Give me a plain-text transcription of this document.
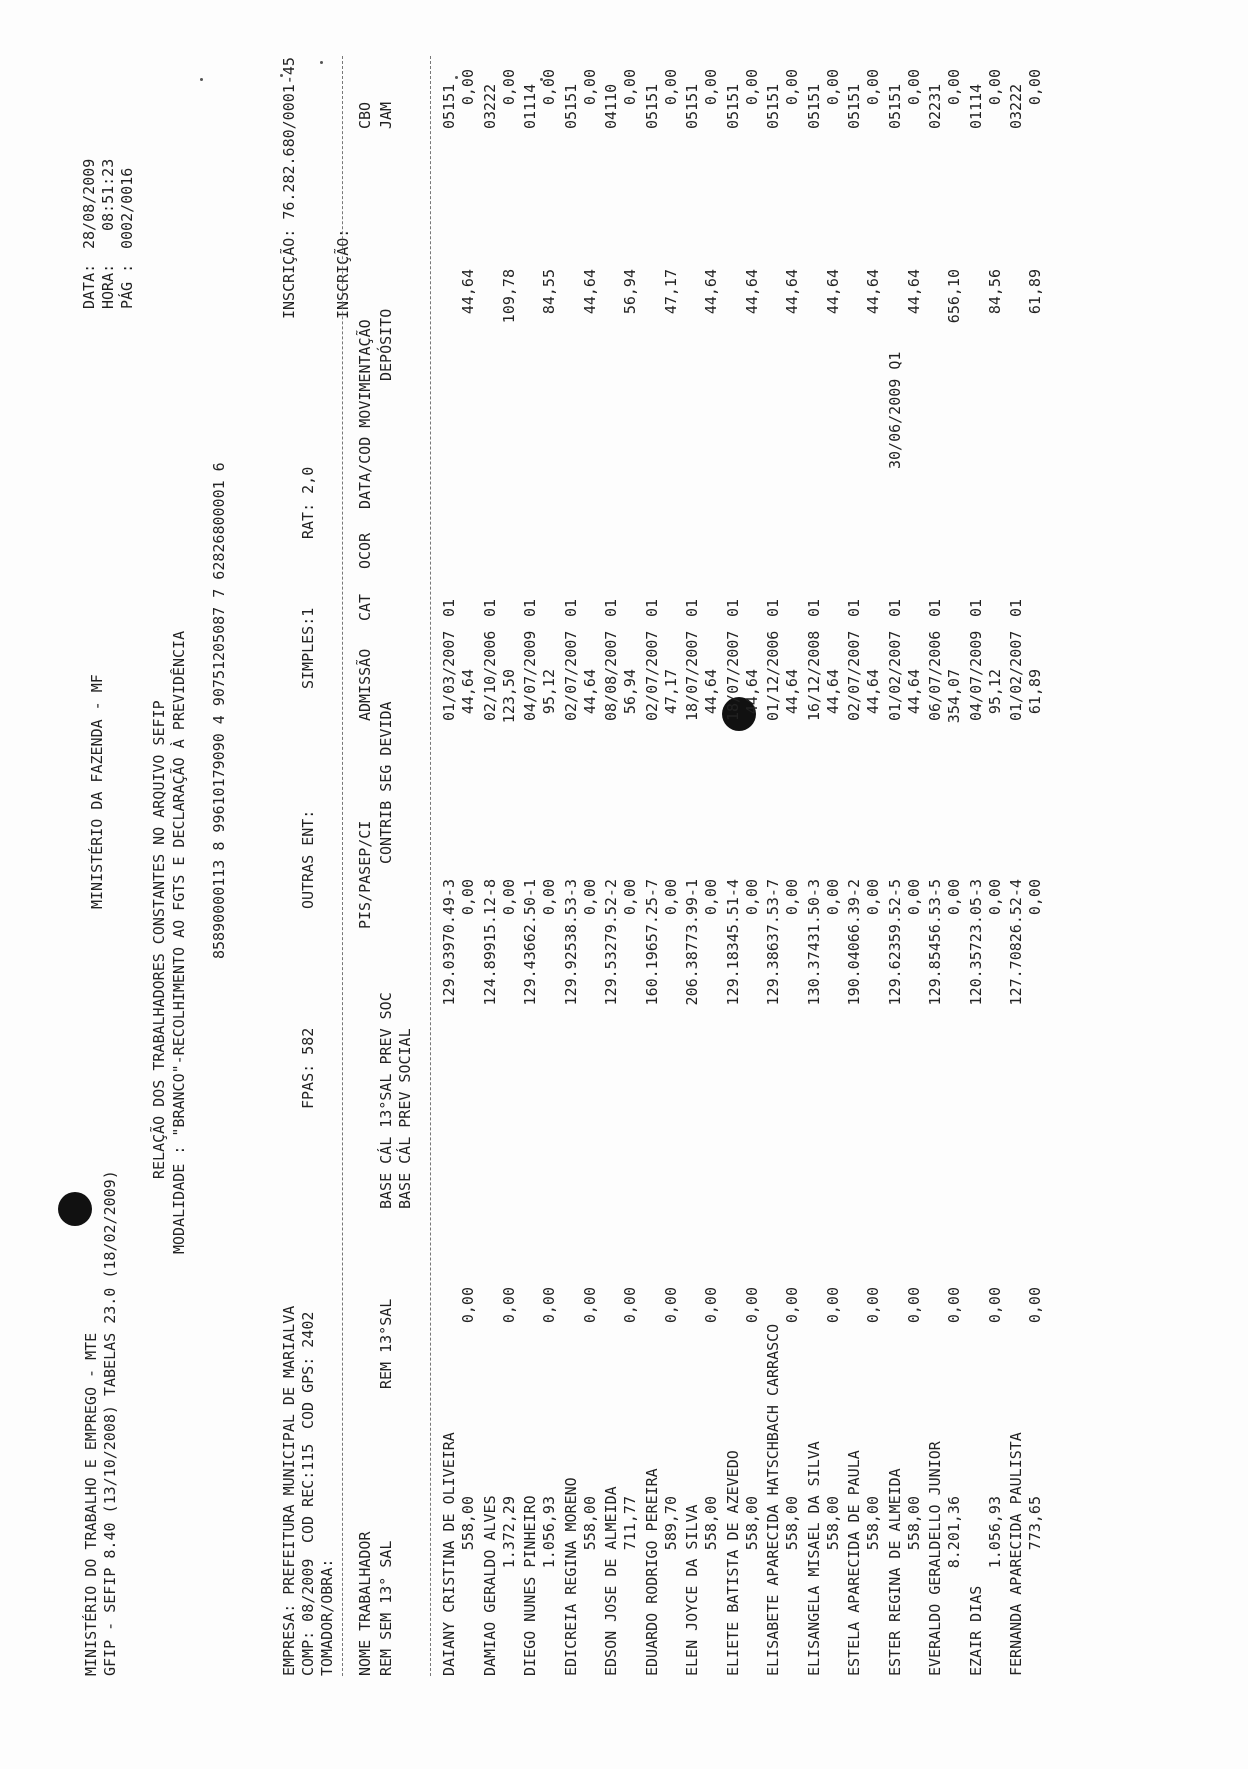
MINISTÉRIO DO TRABALHO E EMPREGO - MTE GFIP - SEFIP 8.40 (13/10/2008) TABELAS 23.0 (18/02/2009)
MINISTÉRIO DA FAZENDA - MF
DATA:
28/08/2009
HORA:
08:51:23
PÁG :
0002/0016
RELAÇÃO DOS TRABALHADORES CONSTANTES NO ARQUIVO SEFIP MODALIDADE : "BRANCO"-RECOLHIMENTO AO FGTS E DECLARAÇÃO À PREVIDÊNCIA 85890000113 8 99610179090 4 90751205087 7 62826800001 6
EMPRESA: PREFEITURA MUNICIPAL DE MARIALVA
INSCRIÇÃO: 76.282.680/0001-45
COMP: 08/2009
COD REC:115
COD GPS: 2402
FPAS: 582
OUTRAS ENT:
SIMPLES:1
RAT: 2,0
TOMADOR/OBRA:
INSCRIÇÃO:
NOME TRABALHADOR REM SEM 13° SAL
REM 13°SAL
PIS/PASEP/CI
BASE CÁL 13°SAL PREV SOC BASE CÁL PREV SOCIAL
ADMISSÃO
CONTRIB SEG DEVIDA
CAT
OCOR
DATA/COD MOVIMENTAÇÃO DEPÓSITO
CBO JAM
DAIANY CRISTINA DE OLIVEIRA 558,00
0,00
129.03970.49-3 0,00
01/03/2007 44,64
01
44,64
05151 0,00
DAMIAO GERALDO ALVES 1.372,29
0,00
124.89915.12-8 0,00
02/10/2006 123,50
01
109,78
03222 0,00
DIEGO NUNES PINHEIRO 1.056,93
0,00
129.43662.50-1 0,00
04/07/2009 95,12
01
84,55
01114 0,00
EDICREIA REGINA MORENO 558,00
0,00
129.92538.53-3 0,00
02/07/2007 44,64
01
44,64
05151 0,00
EDSON JOSE DE ALMEIDA 711,77
0,00
129.53279.52-2 0,00
08/08/2007 56,94
01
56,94
04110 0,00
EDUARDO RODRIGO PEREIRA 589,70
0,00
160.19657.25-7 0,00
02/07/2007 47,17
01
47,17
05151 0,00
ELEN JOYCE DA SILVA 558,00
0,00
206.38773.99-1 0,00
18/07/2007 44,64
01
44,64
05151 0,00
ELIETE BATISTA DE AZEVEDO 558,00
0,00
129.18345.51-4 0,00
18/07/2007 44,64
01
44,64
05151 0,00
ELISABETE APARECIDA HATSCHBACH CARRASCO 558,00
0,00
129.38637.53-7 0,00
01/12/2006 44,64
01
44,64
05151 0,00
ELISANGELA MISAEL DA SILVA 558,00
0,00
130.37431.50-3 0,00
16/12/2008 44,64
01
44,64
05151 0,00
ESTELA APARECIDA DE PAULA 558,00
0,00
190.04066.39-2 0,00
02/07/2007 44,64
01
44,64
05151 0,00
ESTER REGINA DE ALMEIDA 558,00
0,00
129.62359.52-5 0,00
01/02/2007 44,64
01
30/06/2009 Q1
44,64
05151 0,00
EVERALDO GERALDELLO JUNIOR 8.201,36
0,00
129.85456.53-5 0,00
06/07/2006 354,07
01
656,10
02231 0,00
EZAIR DIAS
1.056,93
0,00
120.35723.05-3 0,00
04/07/2009 95,12
01
84,56
01114 0,00
FERNANDA APARECIDA PAULISTA 773,65
0,00
127.70826.52-4 0,00
01/02/2007 61,89
01
61,89
03222 0,00
